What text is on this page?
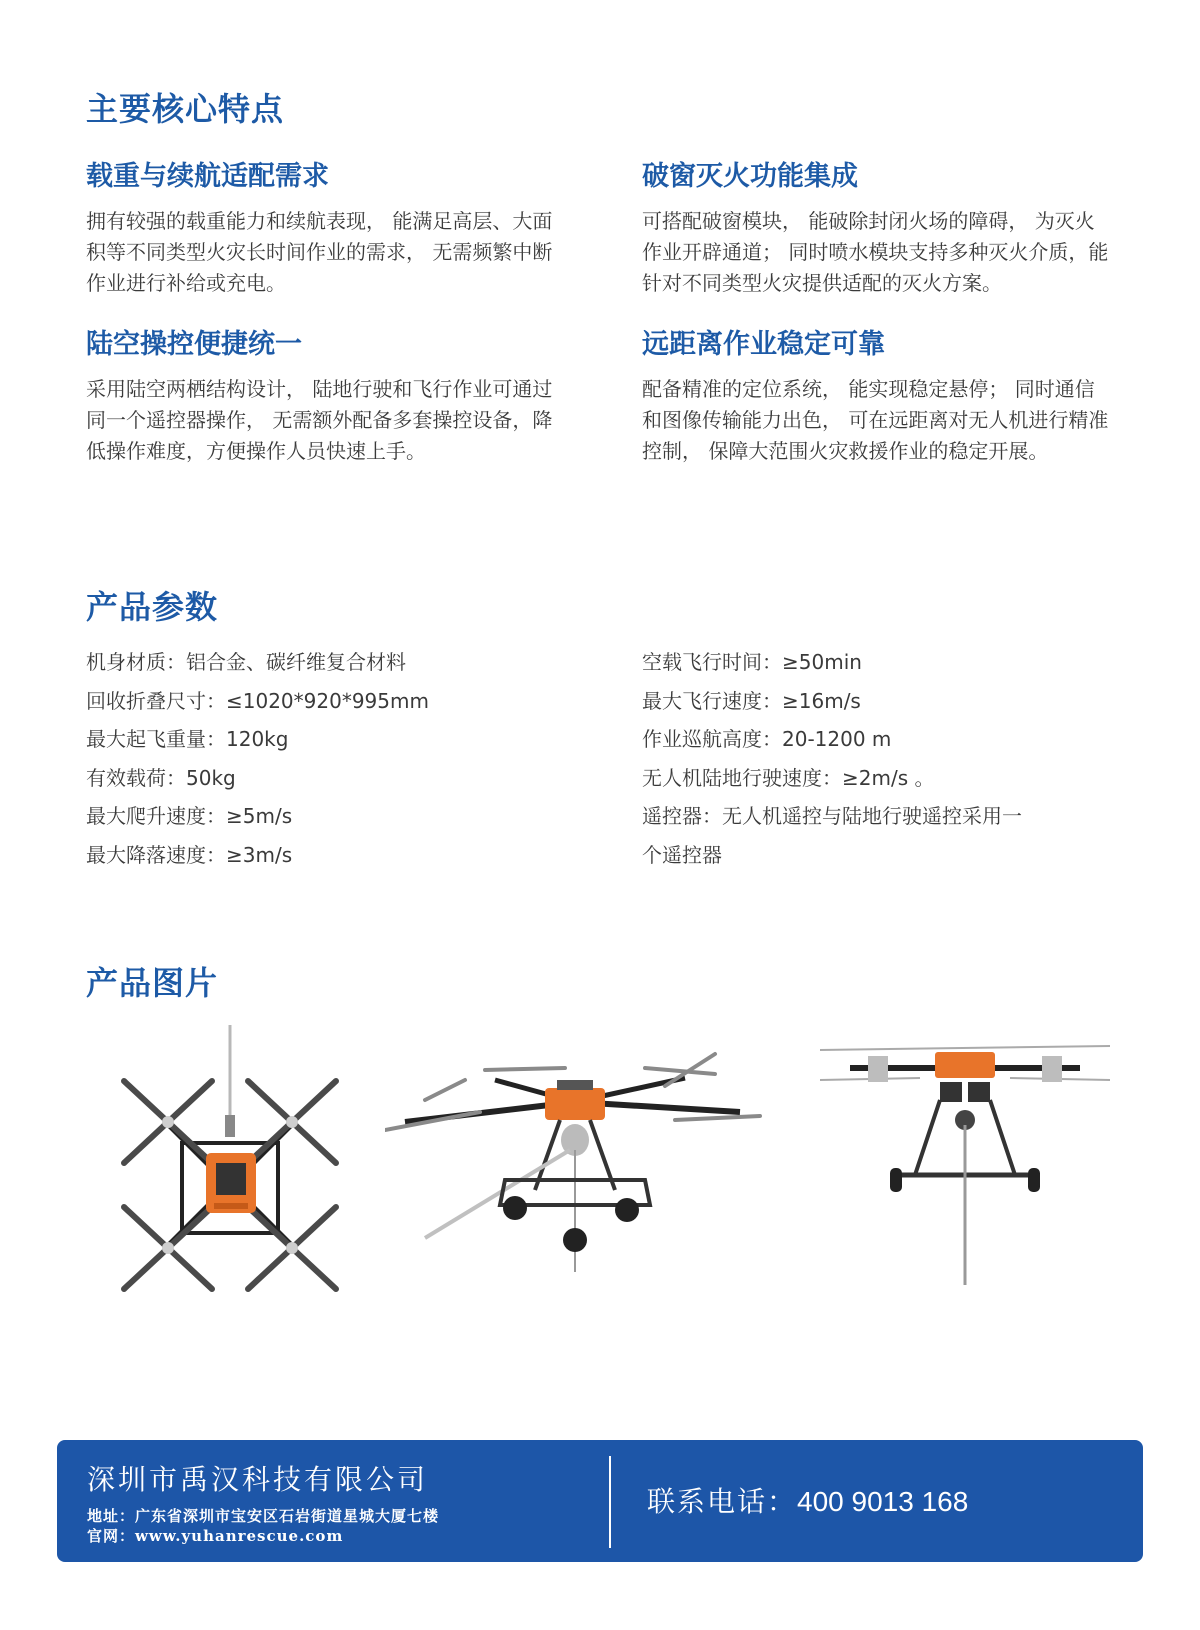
主要核心特点
载重与续航适配需求

拥有较强的载重能力和续航表现， 能满足高层、大面积等不同类型火灾长时间作业的需求， 无需频繁中断作业进行补给或充电。

破窗灭火功能集成

可搭配破窗模块， 能破除封闭火场的障碍， 为灭火作业开辟通道； 同时喷水模块支持多种灭火介质，能针对不同类型火灾提供适配的灭火方案。

陆空操控便捷统一

采用陆空两栖结构设计， 陆地行驶和飞行作业可通过同一个遥控器操作， 无需额外配备多套操控设备，降低操作难度，方便操作人员快速上手。

远距离作业稳定可靠

配备精准的定位系统， 能实现稳定悬停； 同时通信和图像传输能力出色， 可在远距离对无人机进行精准控制， 保障大范围火灾救援作业的稳定开展。

产品参数
机身材质：铝合金、碳纤维复合材料
回收折叠尺寸：≤1020*920*995mm
最大起飞重量：120kg
有效载荷：50kg
最大爬升速度：≥5m/s
最大降落速度：≥3m/s
空载飞行时间：≥50min
最大飞行速度：≥16m/s
作业巡航高度：20-1200 m
无人机陆地行驶速度：≥2m/s 。
遥控器：无人机遥控与陆地行驶遥控采用一
个遥控器
产品图片

深圳市禹汉科技有限公司

地址：广东省深圳市宝安区石岩街道星城大厦七楼
官网：www.yuhanrescue.com

联系电话：400 9013 168
